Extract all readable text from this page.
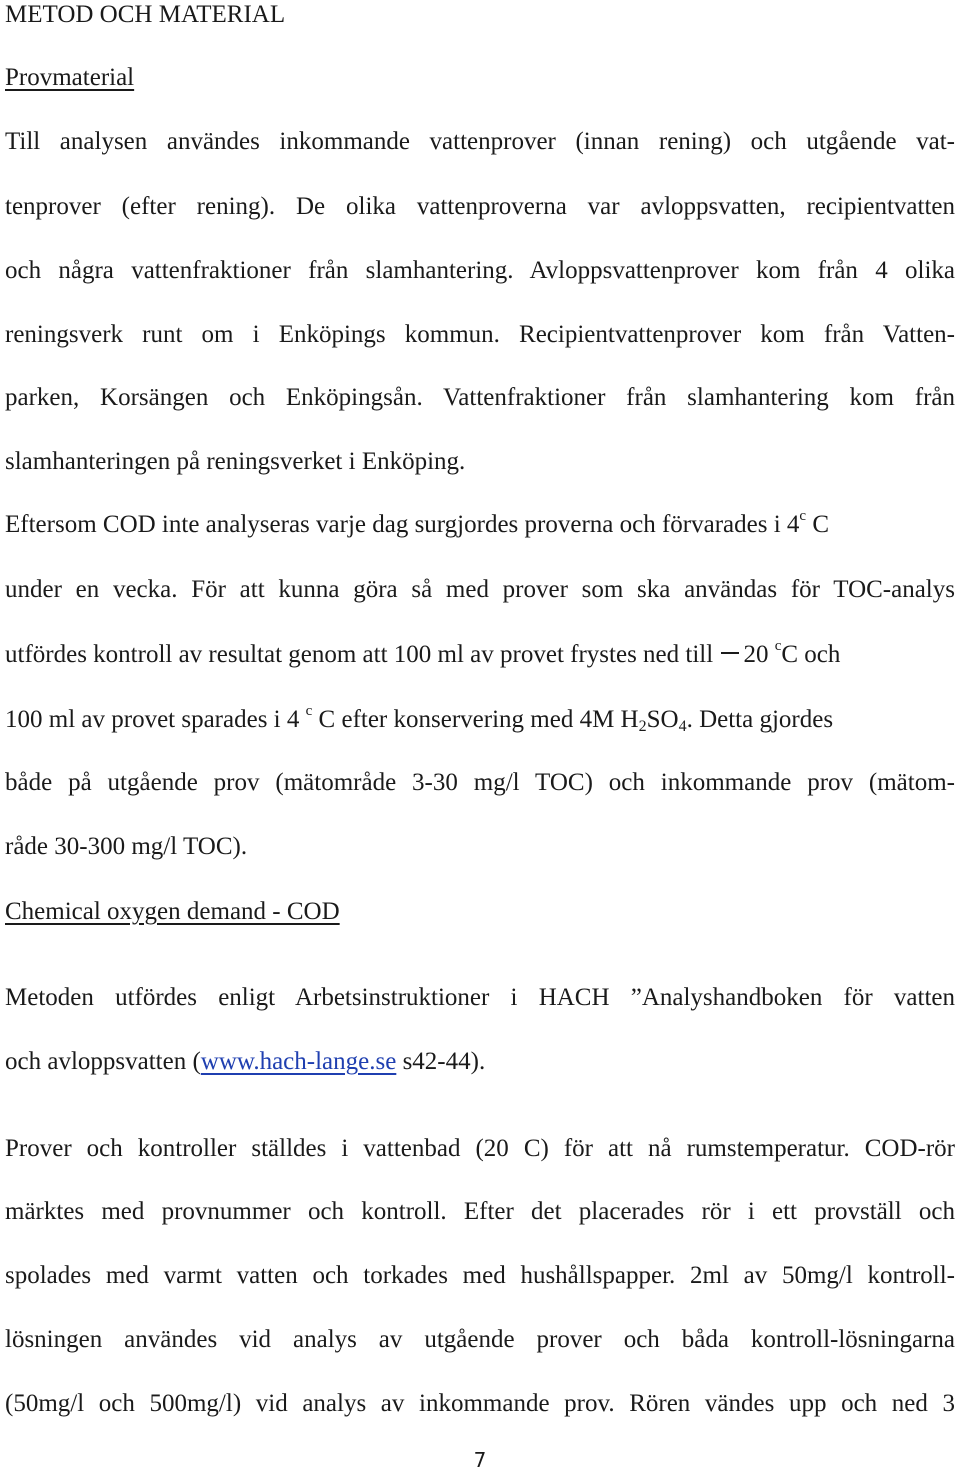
METOD OCH MATERIAL
Provmaterial
Till analysen användes inkommande vattenprover (innan rening) och utgående vat-
tenprover (efter rening). De olika vattenproverna var avloppsvatten, recipientvatten
och några vattenfraktioner från slamhantering. Avloppsvattenprover kom från 4 olika
reningsverk runt om i Enköpings kommun. Recipientvattenprover kom från Vatten-
parken, Korsängen och Enköpingsån. Vattenfraktioner från slamhantering kom från
slamhanteringen på reningsverket i Enköping.
Eftersom COD inte analyseras varje dag surgjordes proverna och förvarades i 4$^c$ C
under en vecka. För att kunna göra så med prover som ska användas för TOC-analys
utfördes kontroll av resultat genom att 100 ml av provet frystes ned till 20 $^c$C och
100 ml av provet sparades i 4 $^c$ C efter konservering med 4M $H_2SO_4$. Detta gjordes
både på utgående prov (mätområde 3-30 mg/l TOC) och inkommande prov (mätom-
råde 30-300 mg/l TOC).
Chemical oxygen demand - COD
Metoden utfördes enligt Arbetsinstruktioner i HACH ”Analyshandboken för vatten
och avloppsvatten (www.hach-lange.se s42-44).
Prover och kontroller ställdes i vattenbad (20 C) för att nå rumstemperatur. COD-rör
märktes med provnummer och kontroll. Efter det placerades rör i ett provställ och
spolades med varmt vatten och torkades med hushållspapper. 2ml av 50mg/l kontroll-
lösningen användes vid analys av utgående prover och båda kontroll-lösningarna
(50mg/l och 500mg/l) vid analys av inkommande prov. Rören vändes upp och ned 3
7
